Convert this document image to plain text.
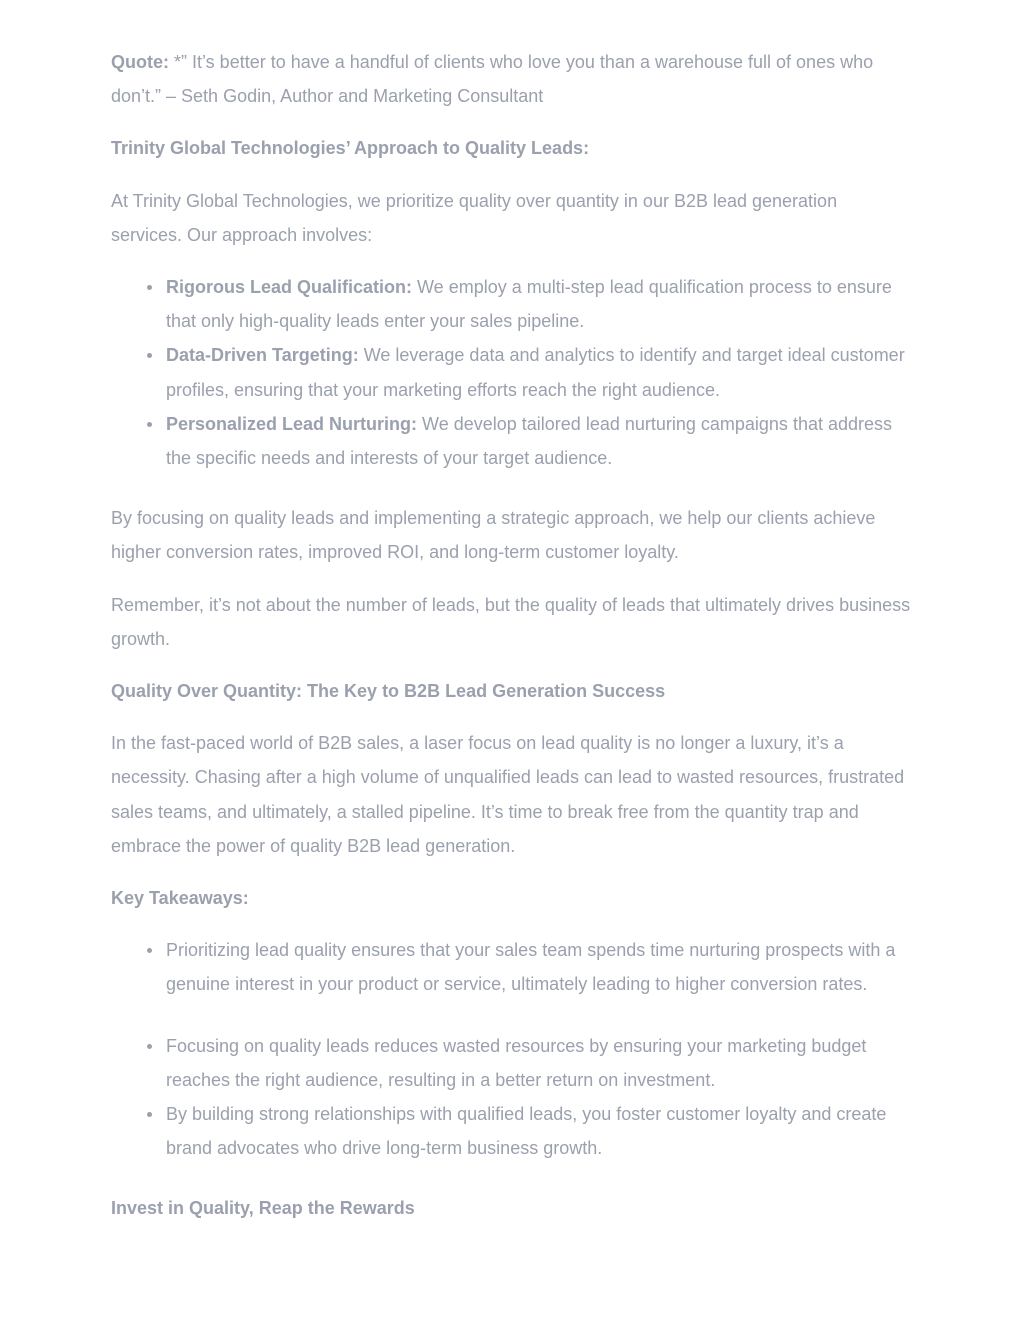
Quote: *” It’s better to have a handful of clients who love you than a warehouse full of ones who don’t.” – Seth Godin, Author and Marketing Consultant

Trinity Global Technologies’ Approach to Quality Leads:

At Trinity Global Technologies, we prioritize quality over quantity in our B2B lead generation services. Our approach involves:

Rigorous Lead Qualification: We employ a multi-step lead qualification process to ensure that only high-quality leads enter your sales pipeline.
Data-Driven Targeting: We leverage data and analytics to identify and target ideal customer profiles, ensuring that your marketing efforts reach the right audience.
Personalized Lead Nurturing: We develop tailored lead nurturing campaigns that address the specific needs and interests of your target audience.

By focusing on quality leads and implementing a strategic approach, we help our clients achieve higher conversion rates, improved ROI, and long-term customer loyalty.

Remember, it’s not about the number of leads, but the quality of leads that ultimately drives business growth.

Quality Over Quantity: The Key to B2B Lead Generation Success

In the fast-paced world of B2B sales, a laser focus on lead quality is no longer a luxury, it’s a necessity. Chasing after a high volume of unqualified leads can lead to wasted resources, frustrated sales teams, and ultimately, a stalled pipeline. It’s time to break free from the quantity trap and embrace the power of quality B2B lead generation.

Key Takeaways:

Prioritizing lead quality ensures that your sales team spends time nurturing prospects with a genuine interest in your product or service, ultimately leading to higher conversion rates.
Focusing on quality leads reduces wasted resources by ensuring your marketing budget reaches the right audience, resulting in a better return on investment.
By building strong relationships with qualified leads, you foster customer loyalty and create brand advocates who drive long-term business growth.

Invest in Quality, Reap the Rewards
